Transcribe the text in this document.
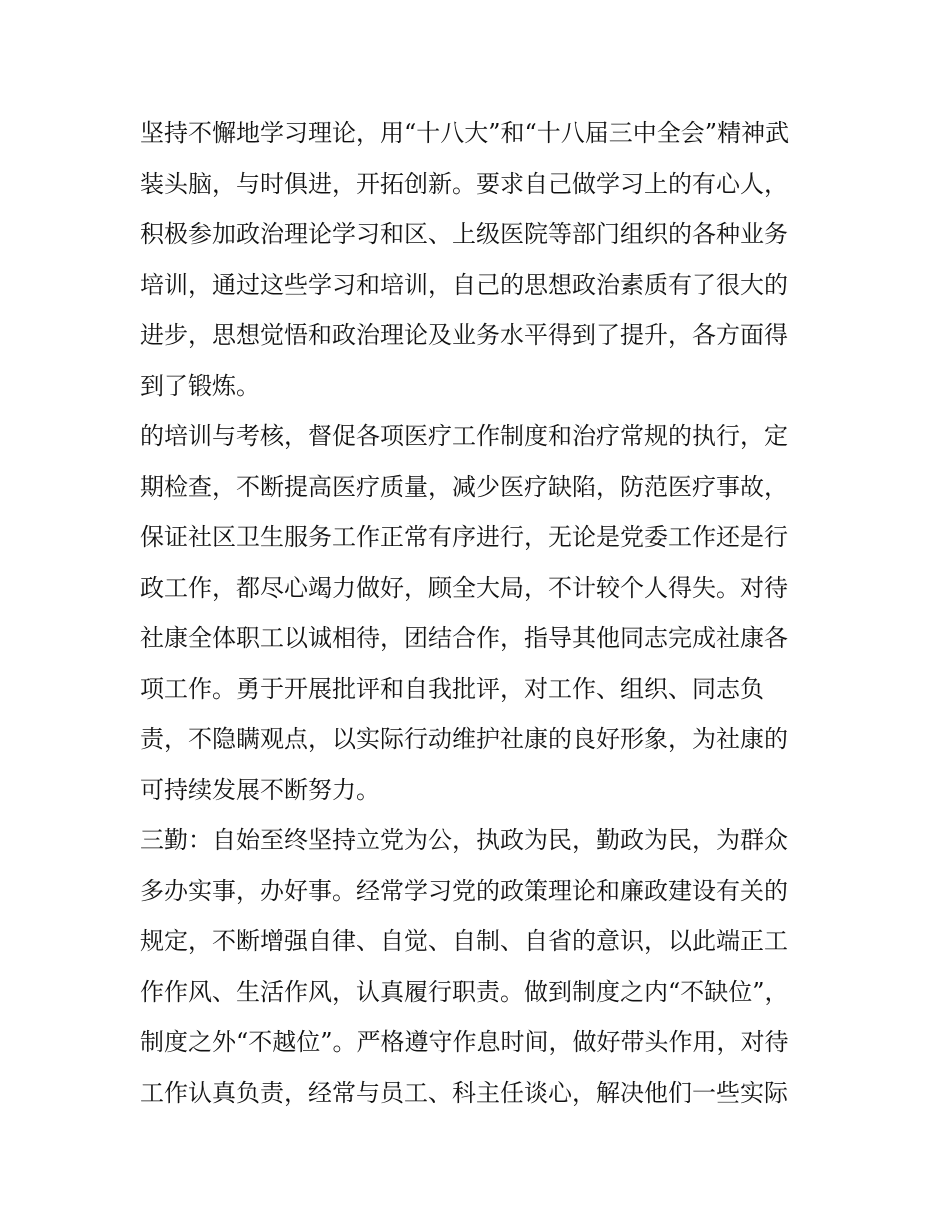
坚持不懈地学习理论，用“十八大”和“十八届三中全会”精神武
装头脑，与时俱进，开拓创新。要求自己做学习上的有心人，
积极参加政治理论学习和区、上级医院等部门组织的各种业务
培训，通过这些学习和培训，自己的思想政治素质有了很大的
进步，思想觉悟和政治理论及业务水平得到了提升，各方面得
到了锻炼。
的培训与考核，督促各项医疗工作制度和治疗常规的执行，定
期检查，不断提高医疗质量，减少医疗缺陷，防范医疗事故，
保证社区卫生服务工作正常有序进行，无论是党委工作还是行
政工作，都尽心竭力做好，顾全大局，不计较个人得失。对待
社康全体职工以诚相待，团结合作，指导其他同志完成社康各
项工作。勇于开展批评和自我批评，对工作、组织、同志负
责，不隐瞒观点，以实际行动维护社康的良好形象，为社康的
可持续发展不断努力。
三勤：自始至终坚持立党为公，执政为民，勤政为民，为群众
多办实事，办好事。经常学习党的政策理论和廉政建设有关的
规定，不断增强自律、自觉、自制、自省的意识，以此端正工
作作风、生活作风，认真履行职责。做到制度之内“不缺位”，
制度之外“不越位”。严格遵守作息时间，做好带头作用，对待
工作认真负责，经常与员工、科主任谈心，解决他们一些实际
